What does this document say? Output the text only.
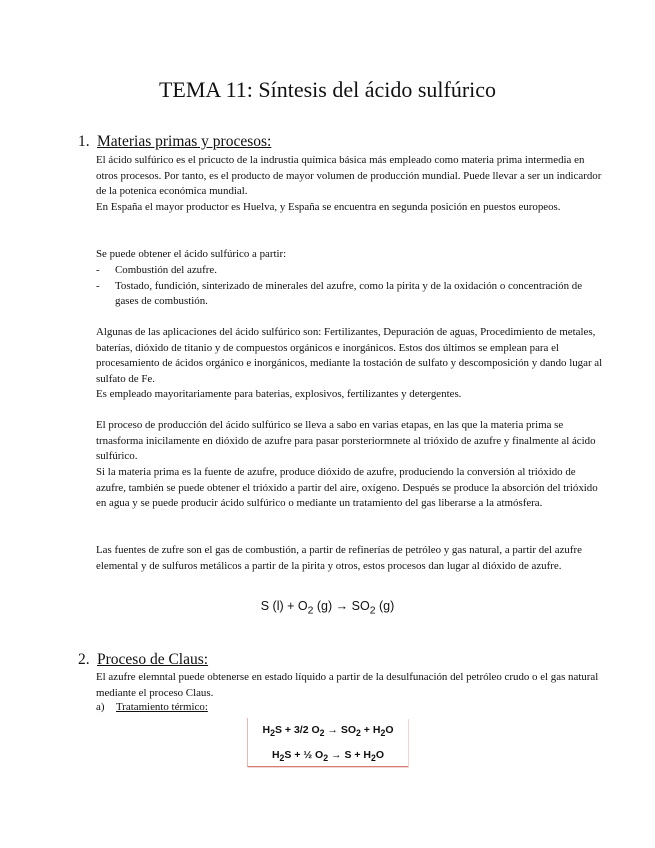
TEMA 11: Síntesis del ácido sulfúrico
1. Materias primas y procesos:

El ácido sulfúrico es el pricucto de la indrustia química básica más empleado como materia prima intermedia en otros procesos. Por tanto, es el producto de mayor volumen de producción mundial. Puede llevar a ser un indicardor de la potenica económica mundial.

En España el mayor productor es Huelva, y España se encuentra en segunda posición en puestos europeos.

Se puede obtener el ácido sulfúrico a partir:

-	Combustión del azufre.
-	Tostado, fundición, sinterizado de minerales del azufre, como la pirita y de la oxidación o concentración de gases de combustión.

Algunas de las aplicaciones del ácido sulfúrico son: Fertilizantes, Depuración de aguas, Procedimiento de metales, baterías, dióxido de titanio y de compuestos orgánicos e inorgánicos. Estos dos últimos se emplean para el procesamiento de ácidos orgánico e inorgánicos, mediante la tostación de sulfato y descomposición y dando lugar al sulfato de Fe.

Es empleado mayoritariamente para baterias, explosivos, fertilizantes y detergentes.

El proceso de producción del ácido sulfúrico se lleva a sabo en varias etapas, en las que la materia prima se trnasforma inicilamente en dióxido de azufre para pasar porsteriormnete al trióxido de azufre y finalmente al ácido sulfúrico.

Si la materia prima es la fuente de azufre, produce dióxido de azufre, produciendo la conversión al trióxido de azufre, también se puede obtener el trióxido a partir del aire, oxígeno. Después se produce la absorción del trióxido en agua y se puede producir ácido sulfúrico o mediante un tratamiento del gas liberarse a la atmósfera.

Las fuentes de zufre son el gas de combustión, a partir de refinerías de petróleo y gas natural, a partir del azufre elemental y de sulfuros metálicos a partir de la pirita y otros, estos procesos dan lugar al dióxido de azufre.

S $(l) + O_2$ $(g) \to SO_2$ (g)
2. Proceso de Claus:

El azufre elemntal puede obtenerse en estado líquido a partir de la desulfunación del petróleo crudo o el gas natural mediante el proceso Claus.

a) Tratamiento térmico:
$H_2S + 3/2$ $O_2 \to SO_2 + H_2O$
$H_2S$ + ½ $O_2 \to S + H_2O$
